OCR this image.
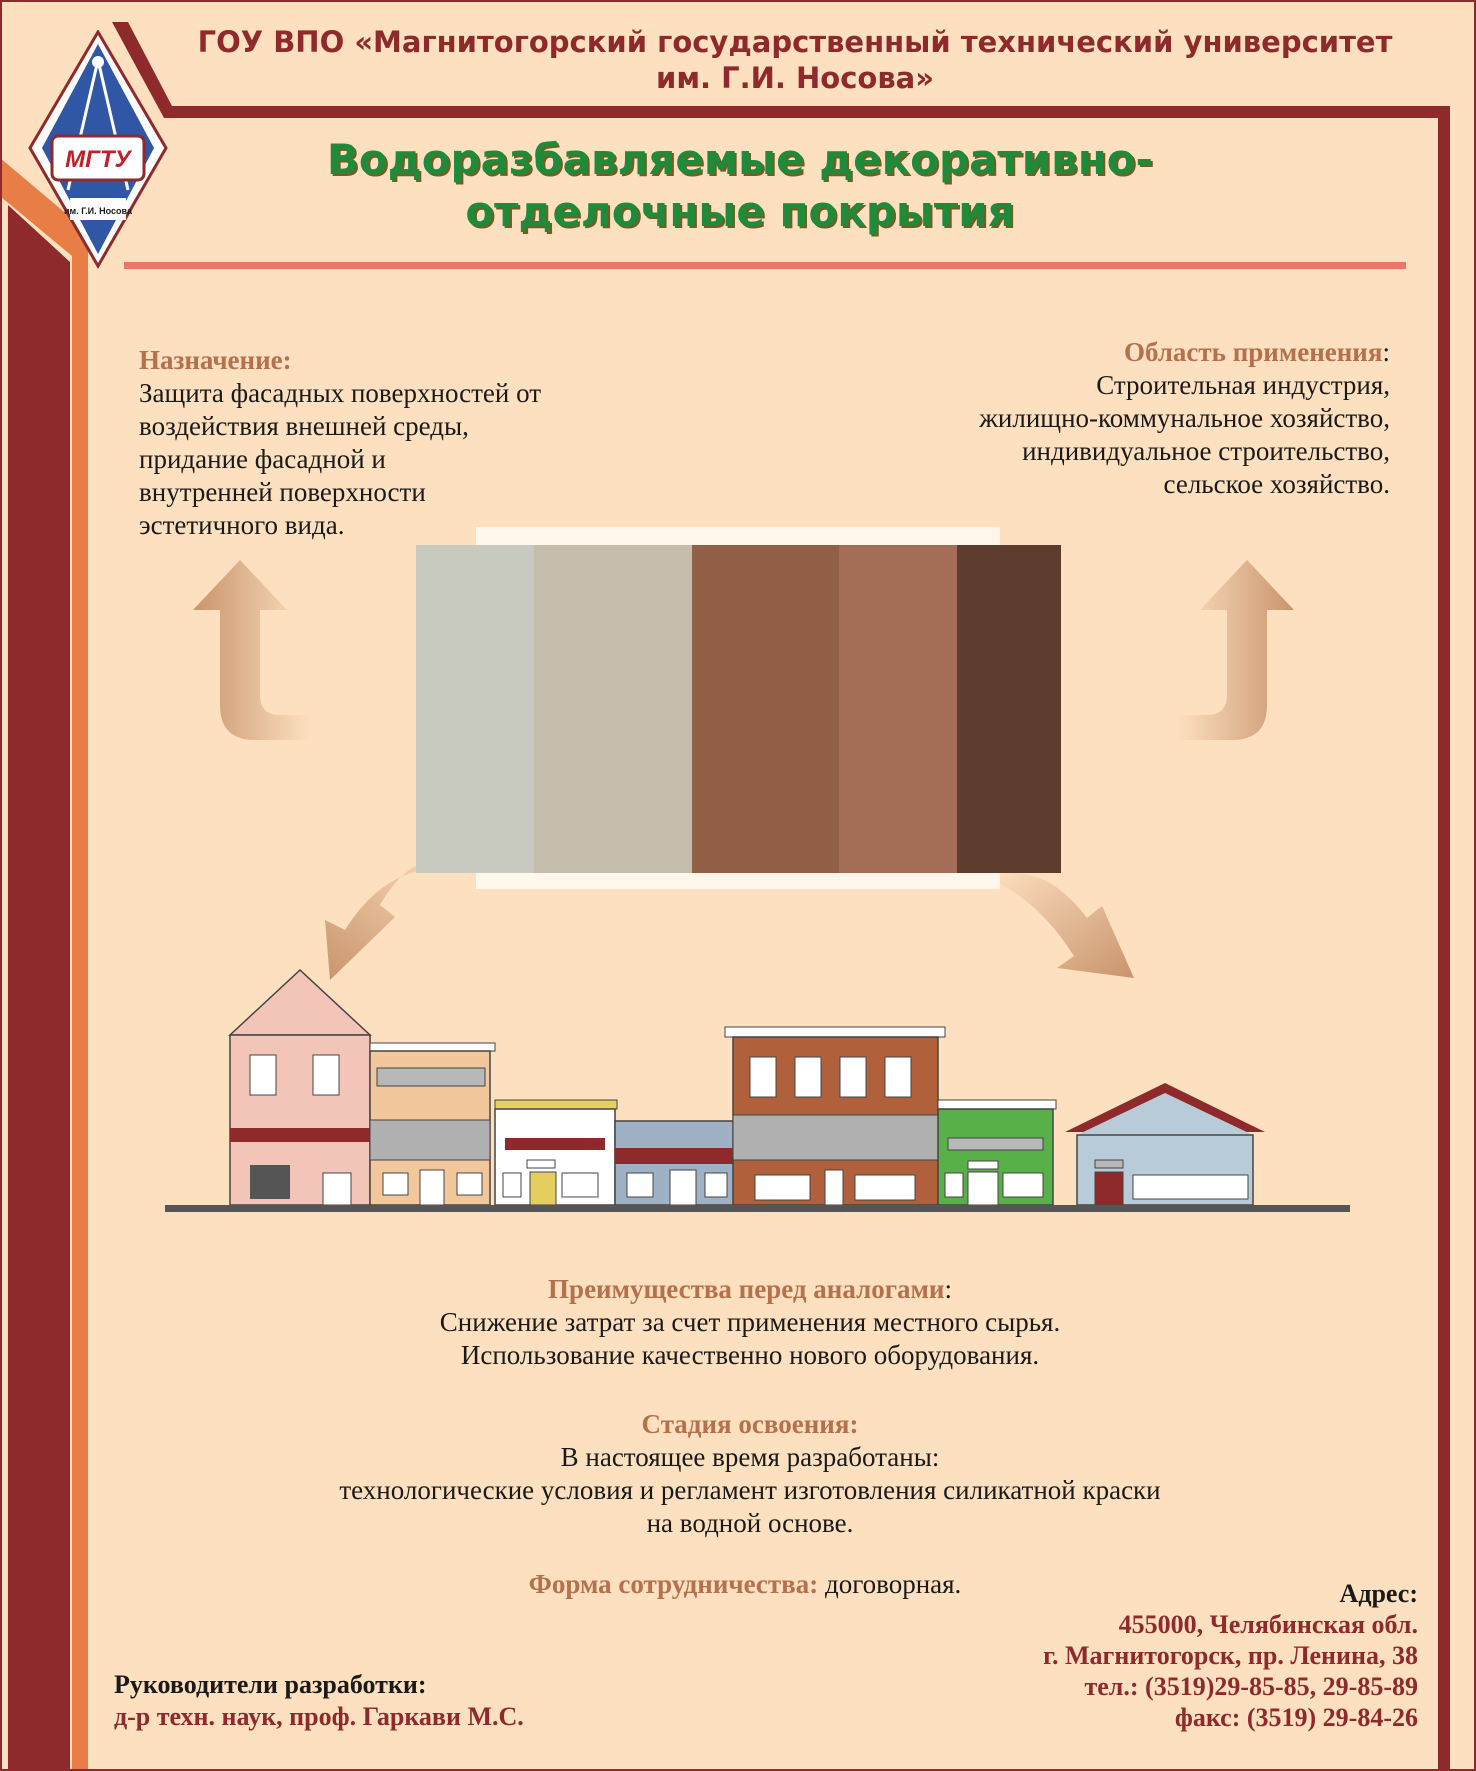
МГТУ
им. Г.И. Носова
ГОУ ВПО «Магнитогорский государственный технический университет
им. Г.И. Носова»
Водоразбавляемые декоративно-
отделочные покрытия
Назначение:
Защита фасадных поверхностей от
воздействия внешней среды,
придание фасадной и
внутренней поверхности
эстетичного вида.
Область применения:
Строительная индустрия,
жилищно-коммунальное хозяйство,
индивидуальное строительство,
сельское хозяйство.
Преимущества перед аналогами:
Снижение затрат за счет применения местного сырья.
Использование качественно нового оборудования.
Стадия освоения:
В настоящее время разработаны:
технологические условия и регламент изготовления силикатной краски
на водной основе.
Форма сотрудничества: договорная.	Адрес:
455000, Челябинская обл.
г. Магнитогорск, пр. Ленина, 38
тел.: (3519)29-85-85, 29-85-89
факс: (3519) 29-84-26
Руководители разработки:
д-р техн. наук, проф. Гаркави М.С.
